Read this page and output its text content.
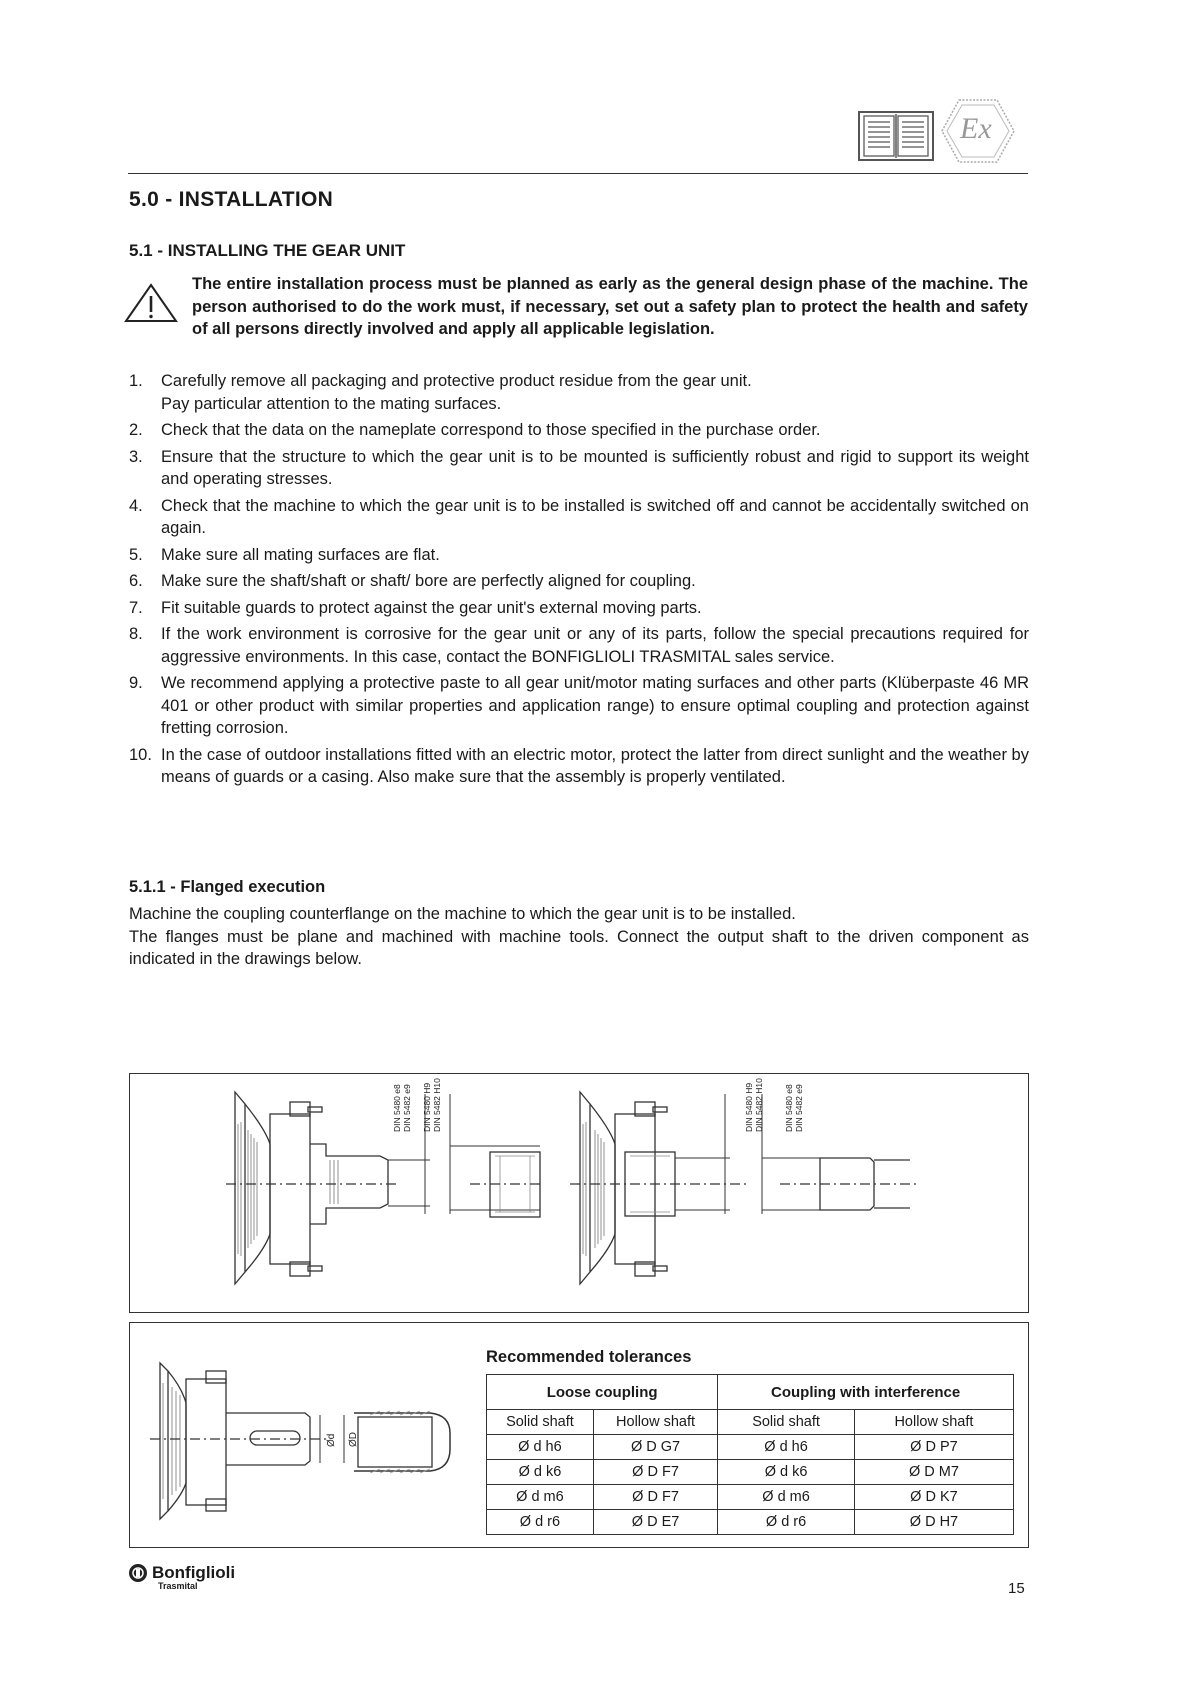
Ex
5.0 - INSTALLATION
5.1 - INSTALLING THE GEAR UNIT
The entire installation process must be planned as early as the general design phase of the machine. The person authorised to do the work must, if necessary, set out a safety plan to protect the health and safety of all persons directly involved and apply all applicable legislation.
1. Carefully remove all packaging and protective product residue from the gear unit.
Pay particular attention to the mating surfaces.
2. Check that the data on the nameplate correspond to those specified in the purchase order.
3. Ensure that the structure to which the gear unit is to be mounted is sufficiently robust and rigid to support its weight and operating stresses.
4. Check that the machine to which the gear unit is to be installed is switched off and cannot be accidentally switched on again.
5. Make sure all mating surfaces are flat.
6. Make sure the shaft/shaft or shaft/ bore are perfectly aligned for coupling.
7. Fit suitable guards to protect against the gear unit's external moving parts.
8. If the work environment is corrosive for the gear unit or any of its parts, follow the special precautions required for aggressive environments. In this case, contact the BONFIGLIOLI TRASMITAL sales service.
9. We recommend applying a protective paste to all gear unit/motor mating surfaces and other parts (Klüberpaste 46 MR 401 or other product with similar properties and application range) to ensure optimal coupling and protection against fretting corrosion.
10. In the case of outdoor installations fitted with an electric motor, protect the latter from direct sunlight and the weather by means of guards or a casing. Also make sure that the assembly is properly ventilated.
5.1.1 - Flanged execution
Machine the coupling counterflange on the machine to which the gear unit is to be installed.
The flanges must be plane and machined with machine tools. Connect the output shaft to the driven component as indicated in the drawings below.
DIN 5480 e8 DIN 5482 e9 DIN 5480 H9 DIN 5482 H10	DIN 5480 H9 DIN 5482 H10 DIN 5480 e8 DIN 5482 e9
Ød ØD
Recommended tolerances
Loose coupling		Coupling with interference	
Solid shaft	Hollow shaft	Solid shaft	Hollow shaft
Ø d h6	Ø D G7	Ø d h6	Ø D P7
Ø d k6	Ø D F7	Ø d k6	Ø D M7
Ø d m6	Ø D F7	Ø d m6	Ø D K7
Ø d r6	Ø D E7	Ø d r6	Ø D H7
Bonfiglioli
Trasmital	15
